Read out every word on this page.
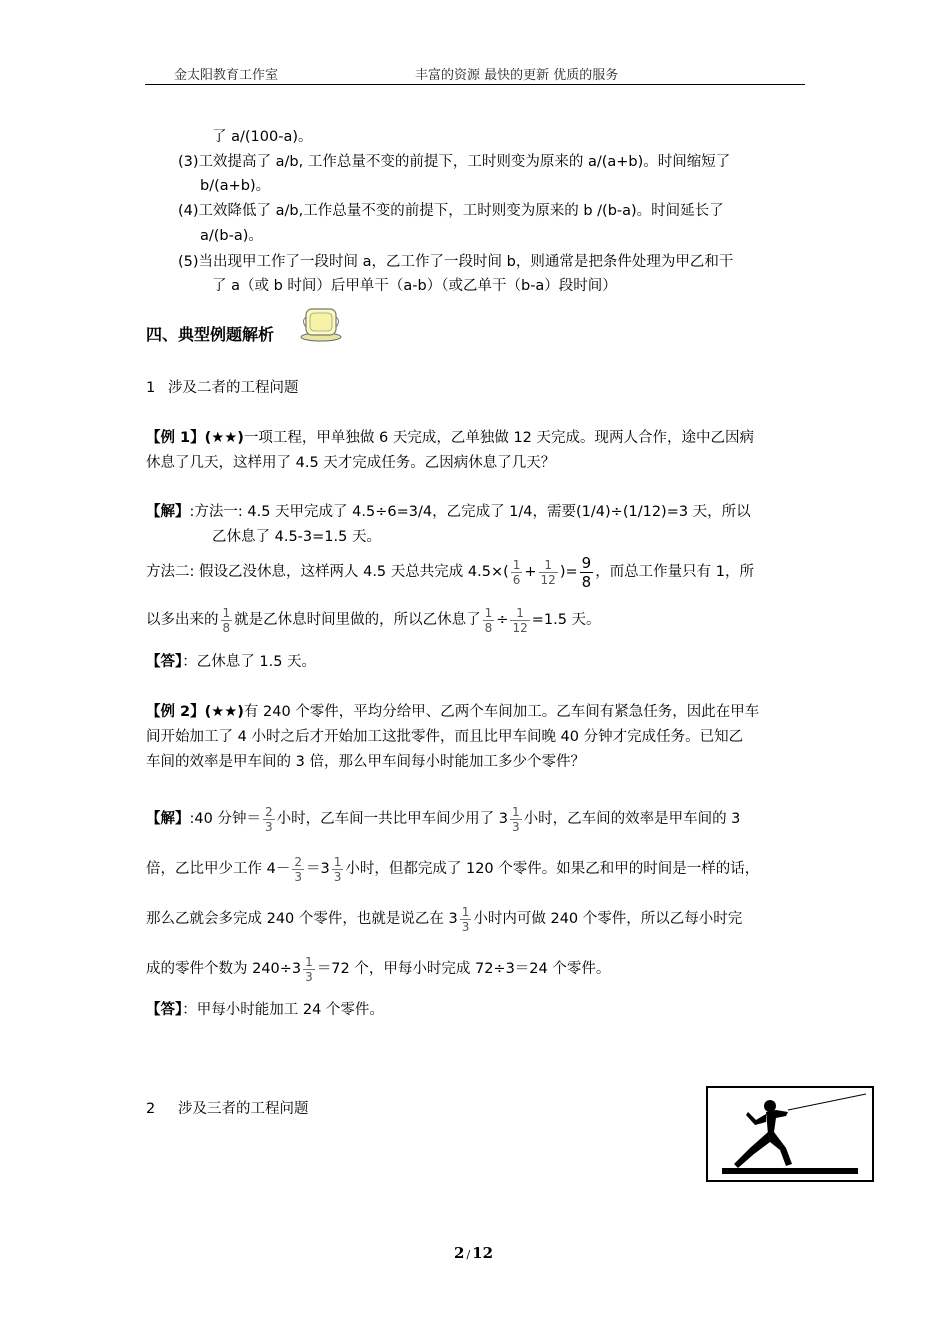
金太阳教育工作室	丰富的资源 最快的更新 优质的服务
了 a/(100-a)。
(3)工效提高了 a/b, 工作总量不变的前提下，工时则变为原来的 a/(a+b)。时间缩短了
b/(a+b)。
(4)工效降低了 a/b,工作总量不变的前提下，工时则变为原来的 b /(b-a)。时间延长了
a/(b-a)。
(5)当出现甲工作了一段时间 a，乙工作了一段时间 b，则通常是把条件处理为甲乙和干
了 a（或 b 时间）后甲单干（a-b）（或乙单干（b-a）段时间）
四、典型例题解析
1 涉及二者的工程问题
【例 1】(★★)一项工程，甲单独做 6 天完成，乙单独做 12 天完成。现两人合作，途中乙因病
休息了几天，这样用了 4.5 天才完成任务。乙因病休息了几天？
【解】:方法一: 4.5 天甲完成了 4.5÷6=3/4，乙完成了 1/4，需要(1/4)÷(1/12)=3 天，所以
乙休息了 4.5-3=1.5 天。
方法二: 假设乙没休息，这样两人 4.5 天总共完成 $4.5\times( \frac{1}{6} + \frac{1}{12}$ )= $\frac{9}{8}$ ，而总工作量只有 1，所
以多出来的 $\frac{1}{8}$ 就是乙休息时间里做的，所以乙休息了 $\frac{1}{8} \div \frac{1}{12} =1.5$ 天。
【答】：乙休息了 1.5 天。
【例 2】(★★)有 240 个零件，平均分给甲、乙两个车间加工。乙车间有紧急任务，因此在甲车
间开始加工了 4 小时之后才开始加工这批零件，而且比甲车间晚 40 分钟才完成任务。已知乙
车间的效率是甲车间的 3 倍，那么甲车间每小时能加工多少个零件？
【解】 :40 分钟＝ $\frac{2}{3}$ 小时，乙车间一共比甲车间少用了 $3 \frac{1}{3}$ 小时，乙车间的效率是甲车间的 3
倍，乙比甲少工作 $4- \frac{2}{3} =3 \frac{1}{3}$ 小时，但都完成了 120 个零件。如果乙和甲的时间是一样的话，
那么乙就会多完成 240 个零件，也就是说乙在 $3 \frac{1}{3}$ 小时内可做 240 个零件，所以乙每小时完
成的零件个数为 $240\div 3 \frac{1}{3} =72$ 个，甲每小时完成 72÷3＝24 个零件。
【答】：甲每小时能加工 24 个零件。
2 涉及三者的工程问题
2 / 12
